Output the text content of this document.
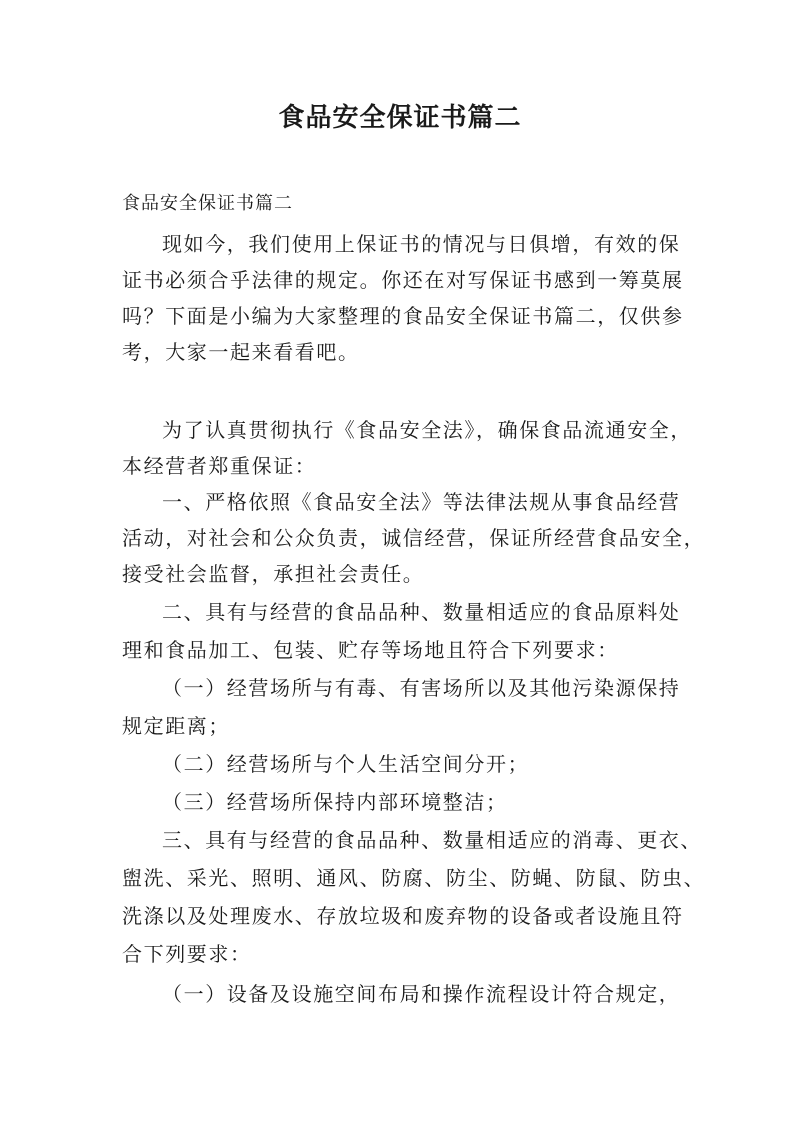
食品安全保证书篇二
食品安全保证书篇二
现如今，我们使用上保证书的情况与日俱增，有效的保
证书必须合乎法律的规定。你还在对写保证书感到一筹莫展
吗？下面是小编为大家整理的食品安全保证书篇二，仅供参
考，大家一起来看看吧。
为了认真贯彻执行《食品安全法》，确保食品流通安全，
本经营者郑重保证：
一、严格依照《食品安全法》等法律法规从事食品经营
活动，对社会和公众负责，诚信经营，保证所经营食品安全，
接受社会监督，承担社会责任。
二、具有与经营的食品品种、数量相适应的食品原料处
理和食品加工、包装、贮存等场地且符合下列要求：
（一）经营场所与有毒、有害场所以及其他污染源保持
规定距离；
（二）经营场所与个人生活空间分开；
（三）经营场所保持内部环境整洁；
三、具有与经营的食品品种、数量相适应的消毒、更衣、
盥洗、采光、照明、通风、防腐、防尘、防蝇、防鼠、防虫、
洗涤以及处理废水、存放垃圾和废弃物的设备或者设施且符
合下列要求：
（一）设备及设施空间布局和操作流程设计符合规定，
